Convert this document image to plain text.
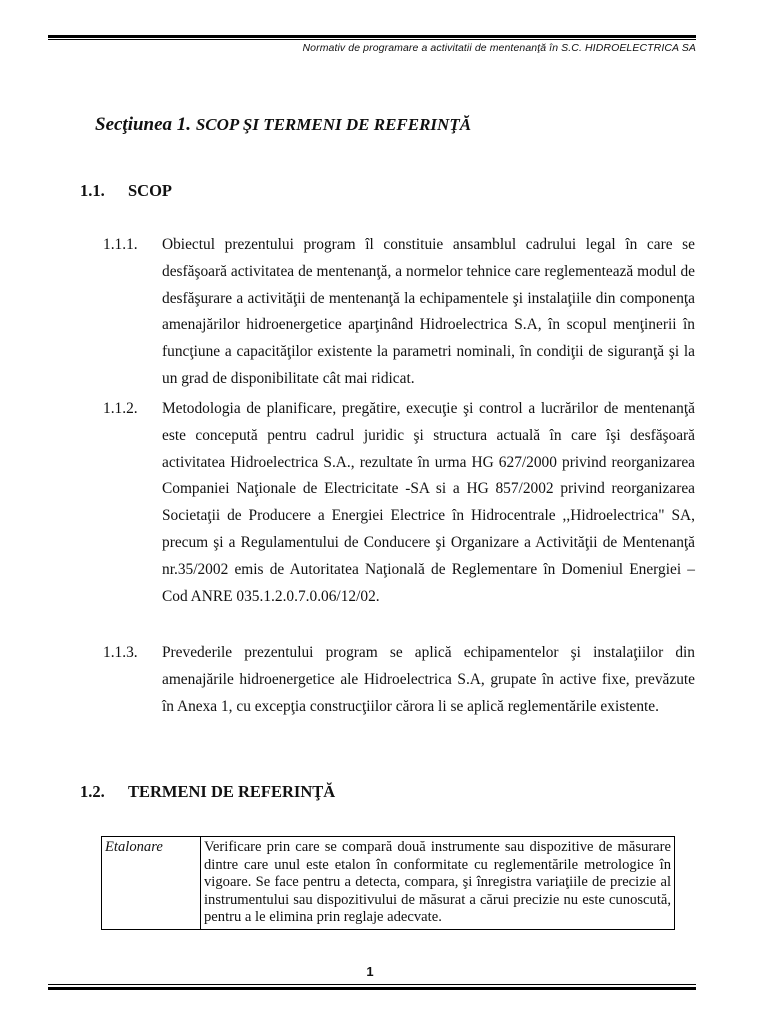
Normativ de programare a activitatii de mentenanţă în S.C. HIDROELECTRICA SA
Secţiunea 1. SCOP ŞI TERMENI DE REFERINŢĂ
1.1. SCOP
1.1.1. Obiectul prezentului program îl constituie ansamblul cadrului legal în care se desfăşoară activitatea de mentenanţă, a normelor tehnice care reglementează modul de desfăşurare a activităţii de mentenanţă la echipamentele şi instalaţiile din componenţa amenajărilor hidroenergetice aparţinând Hidroelectrica S.A, în scopul menţinerii în funcţiune a capacităţilor existente la parametri nominali, în condiţii de siguranţă şi la un grad de disponibilitate cât mai ridicat.
1.1.2. Metodologia de planificare, pregătire, execuţie şi control a lucrărilor de mentenanţă este concepută pentru cadrul juridic şi structura actuală în care îşi desfăşoară activitatea Hidroelectrica S.A., rezultate în urma HG 627/2000 privind reorganizarea Companiei Naţionale de Electricitate -SA si a HG 857/2002 privind reorganizarea Societaţii de Producere a Energiei Electrice în Hidrocentrale ,,Hidroelectrica" SA, precum şi a Regulamentului de Conducere şi Organizare a Activităţii de Mentenanţă nr.35/2002 emis de Autoritatea Naţională de Reglementare în Domeniul Energiei – Cod ANRE 035.1.2.0.7.0.06/12/02.
1.1.3. Prevederile prezentului program se aplică echipamentelor şi instalaţiilor din amenajările hidroenergetice ale Hidroelectrica S.A, grupate în active fixe, prevăzute în Anexa 1, cu excepţia construcţiilor cărora li se aplică reglementările existente.
1.2. TERMENI DE REFERINŢĂ
Etalonare	Verificare prin care se compară două instrumente sau dispozitive de măsurare dintre care unul este etalon în conformitate cu reglementările metrologice în vigoare. Se face pentru a detecta, compara, şi înregistra variaţiile de precizie al instrumentului sau dispozitivului de măsurat a cărui precizie nu este cunoscută, pentru a le elimina prin reglaje adecvate.
1
